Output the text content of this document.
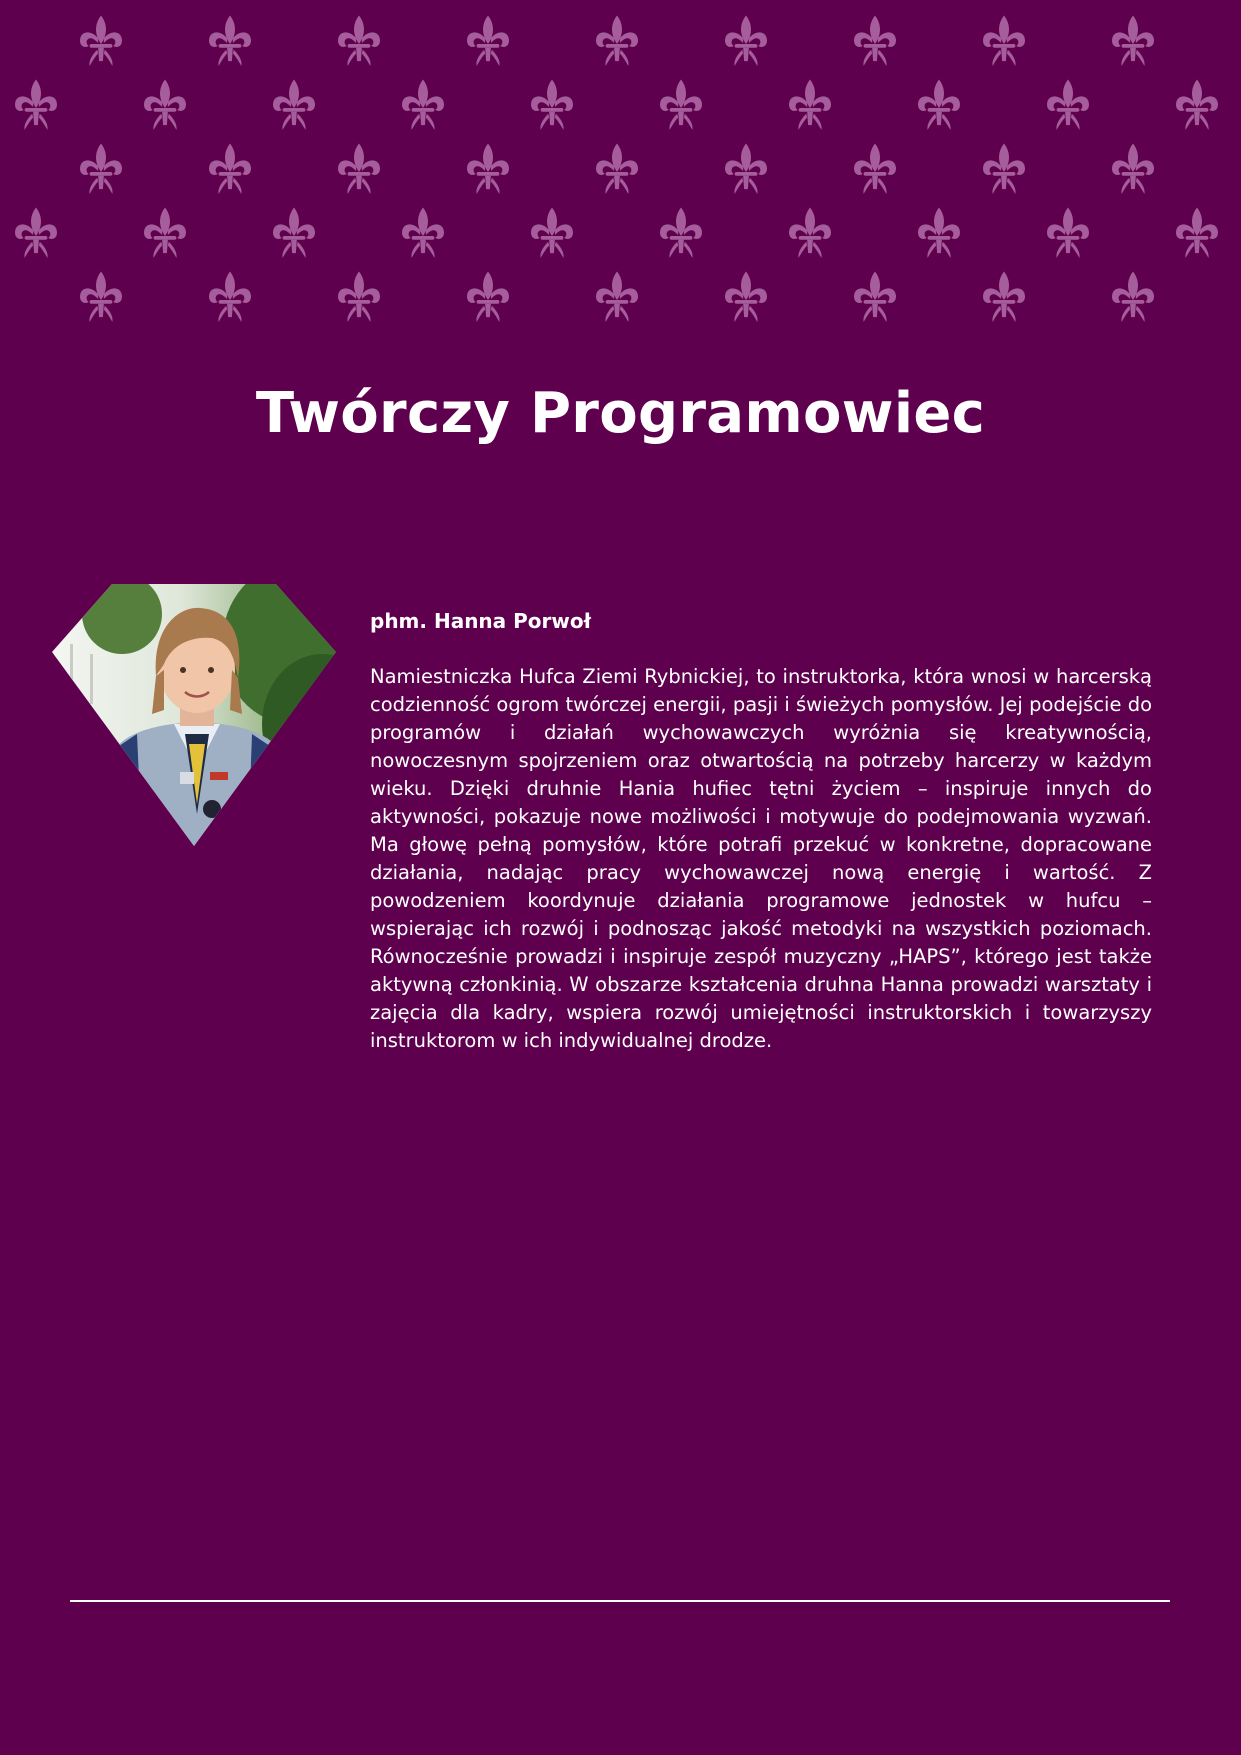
Twórczy Programowiec
phm. Hanna Porwoł

Namiestniczka Hufca Ziemi Rybnickiej, to instruktorka, która wnosi w harcerską codzienność ogrom twórczej energii, pasji i świeżych pomysłów. Jej podejście do programów i działań wychowawczych wyróżnia się kreatywnością, nowoczesnym spojrzeniem oraz otwartością na potrzeby harcerzy w każdym wieku. Dzięki druhnie Hania hufiec tętni życiem – inspiruje innych do aktywności, pokazuje nowe możliwości i motywuje do podejmowania wyzwań. Ma głowę pełną pomysłów, które potrafi przekuć w konkretne, dopracowane działania, nadając pracy wychowawczej nową energię i wartość. Z powodzeniem koordynuje działania programowe jednostek w hufcu – wspierając ich rozwój i podnosząc jakość metodyki na wszystkich poziomach. Równocześnie prowadzi i inspiruje zespół muzyczny „HAPS”, którego jest także aktywną członkinią. W obszarze kształcenia druhna Hanna prowadzi warsztaty i zajęcia dla kadry, wspiera rozwój umiejętności instruktorskich i towarzyszy instruktorom w ich indywidualnej drodze.
